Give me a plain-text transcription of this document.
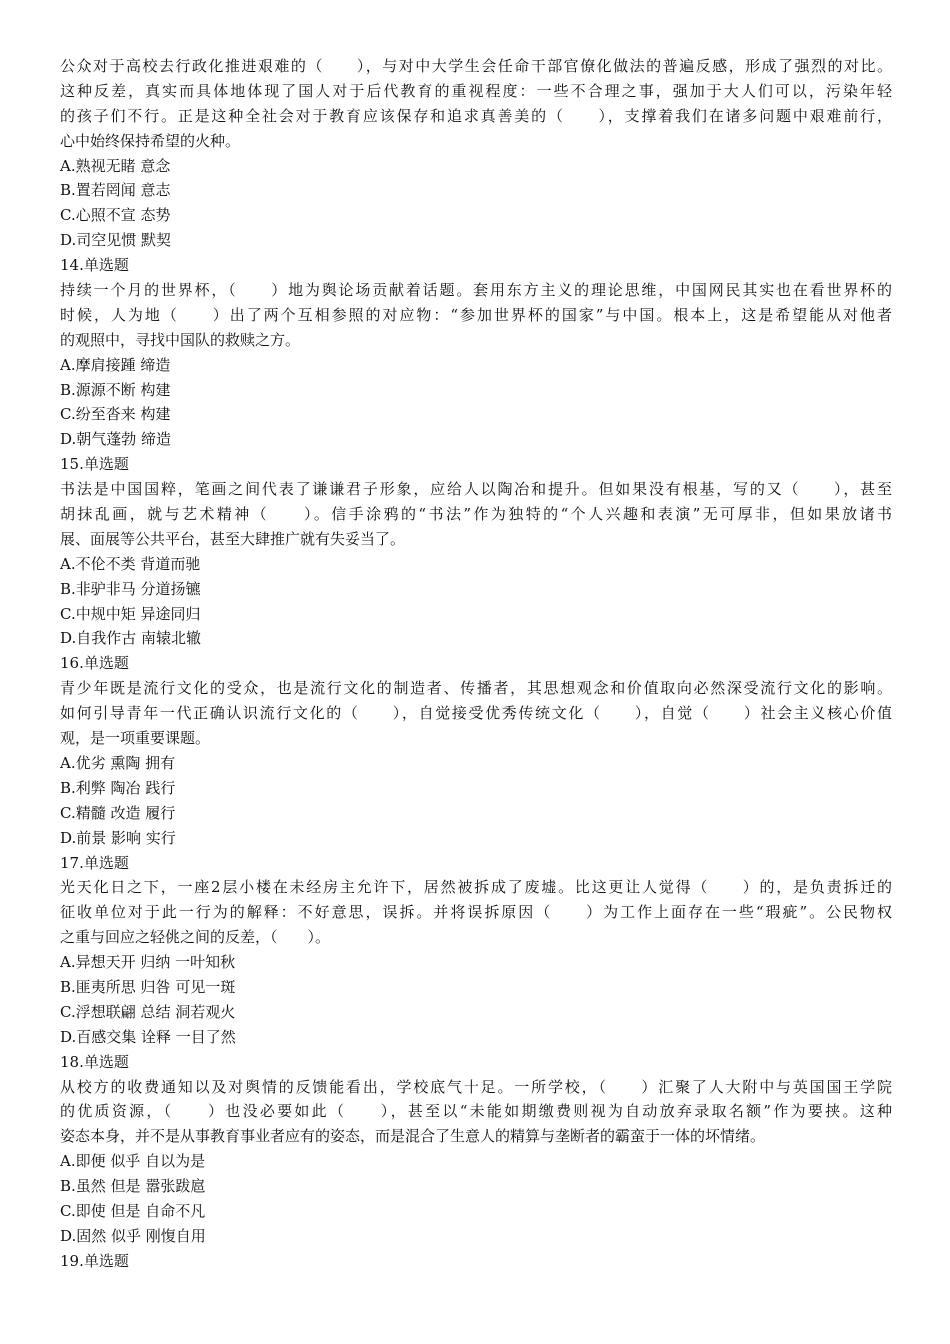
公众对于高校去行政化推进艰难的（　　），与对中大学生会任命干部官僚化做法的普遍反感，形成了强烈的对比。
这种反差，真实而具体地体现了国人对于后代教育的重视程度：一些不合理之事，强加于大人们可以，污染年轻
的孩子们不行。正是这种全社会对于教育应该保存和追求真善美的（　　），支撑着我们在诸多问题中艰难前行，
心中始终保持希望的火种。
A.熟视无睹 意念
B.置若罔闻 意志
C.心照不宣 态势
D.司空见惯 默契
14.单选题
持续一个月的世界杯，（　　）地为舆论场贡献着话题。套用东方主义的理论思维，中国网民其实也在看世界杯的
时候，人为地（　　）出了两个互相参照的对应物：“参加世界杯的国家”与中国。根本上，这是希望能从对他者
的观照中，寻找中国队的救赎之方。
A.摩肩接踵 缔造
B.源源不断 构建
C.纷至沓来 构建
D.朝气蓬勃 缔造
15.单选题
书法是中国国粹，笔画之间代表了谦谦君子形象，应给人以陶冶和提升。但如果没有根基，写的又（　　），甚至
胡抹乱画，就与艺术精神（　　）。信手涂鸦的“书法”作为独特的“个人兴趣和表演”无可厚非，但如果放诸书
展、面展等公共平台，甚至大肆推广就有失妥当了。
A.不伦不类 背道而驰
B.非驴非马 分道扬镳
C.中规中矩 异途同归
D.自我作古 南辕北辙
16.单选题
青少年既是流行文化的受众，也是流行文化的制造者、传播者，其思想观念和价值取向必然深受流行文化的影响。
如何引导青年一代正确认识流行文化的（　　），自觉接受优秀传统文化（　　），自觉（　　）社会主义核心价值
观，是一项重要课题。
A.优劣 熏陶 拥有
B.利弊 陶冶 践行
C.精髓 改造 履行
D.前景 影响 实行
17.单选题
光天化日之下，一座2层小楼在未经房主允许下，居然被拆成了废墟。比这更让人觉得（　　）的，是负责拆迁的
征收单位对于此一行为的解释：不好意思，误拆。并将误拆原因（　　）为工作上面存在一些“瑕疵”。公民物权
之重与回应之轻佻之间的反差，（　　）。
A.异想天开 归纳 一叶知秋
B.匪夷所思 归咎 可见一斑
C.浮想联翩 总结 洞若观火
D.百感交集 诠释 一目了然
18.单选题
从校方的收费通知以及对舆情的反馈能看出，学校底气十足。一所学校，（　　）汇聚了人大附中与英国国王学院
的优质资源，（　　）也没必要如此（　　），甚至以“未能如期缴费则视为自动放弃录取名额”作为要挟。这种
姿态本身，并不是从事教育事业者应有的姿态，而是混合了生意人的精算与垄断者的霸蛮于一体的坏情绪。
A.即便 似乎 自以为是
B.虽然 但是 嚣张跋扈
C.即使 但是 自命不凡
D.固然 似乎 刚愎自用
19.单选题
